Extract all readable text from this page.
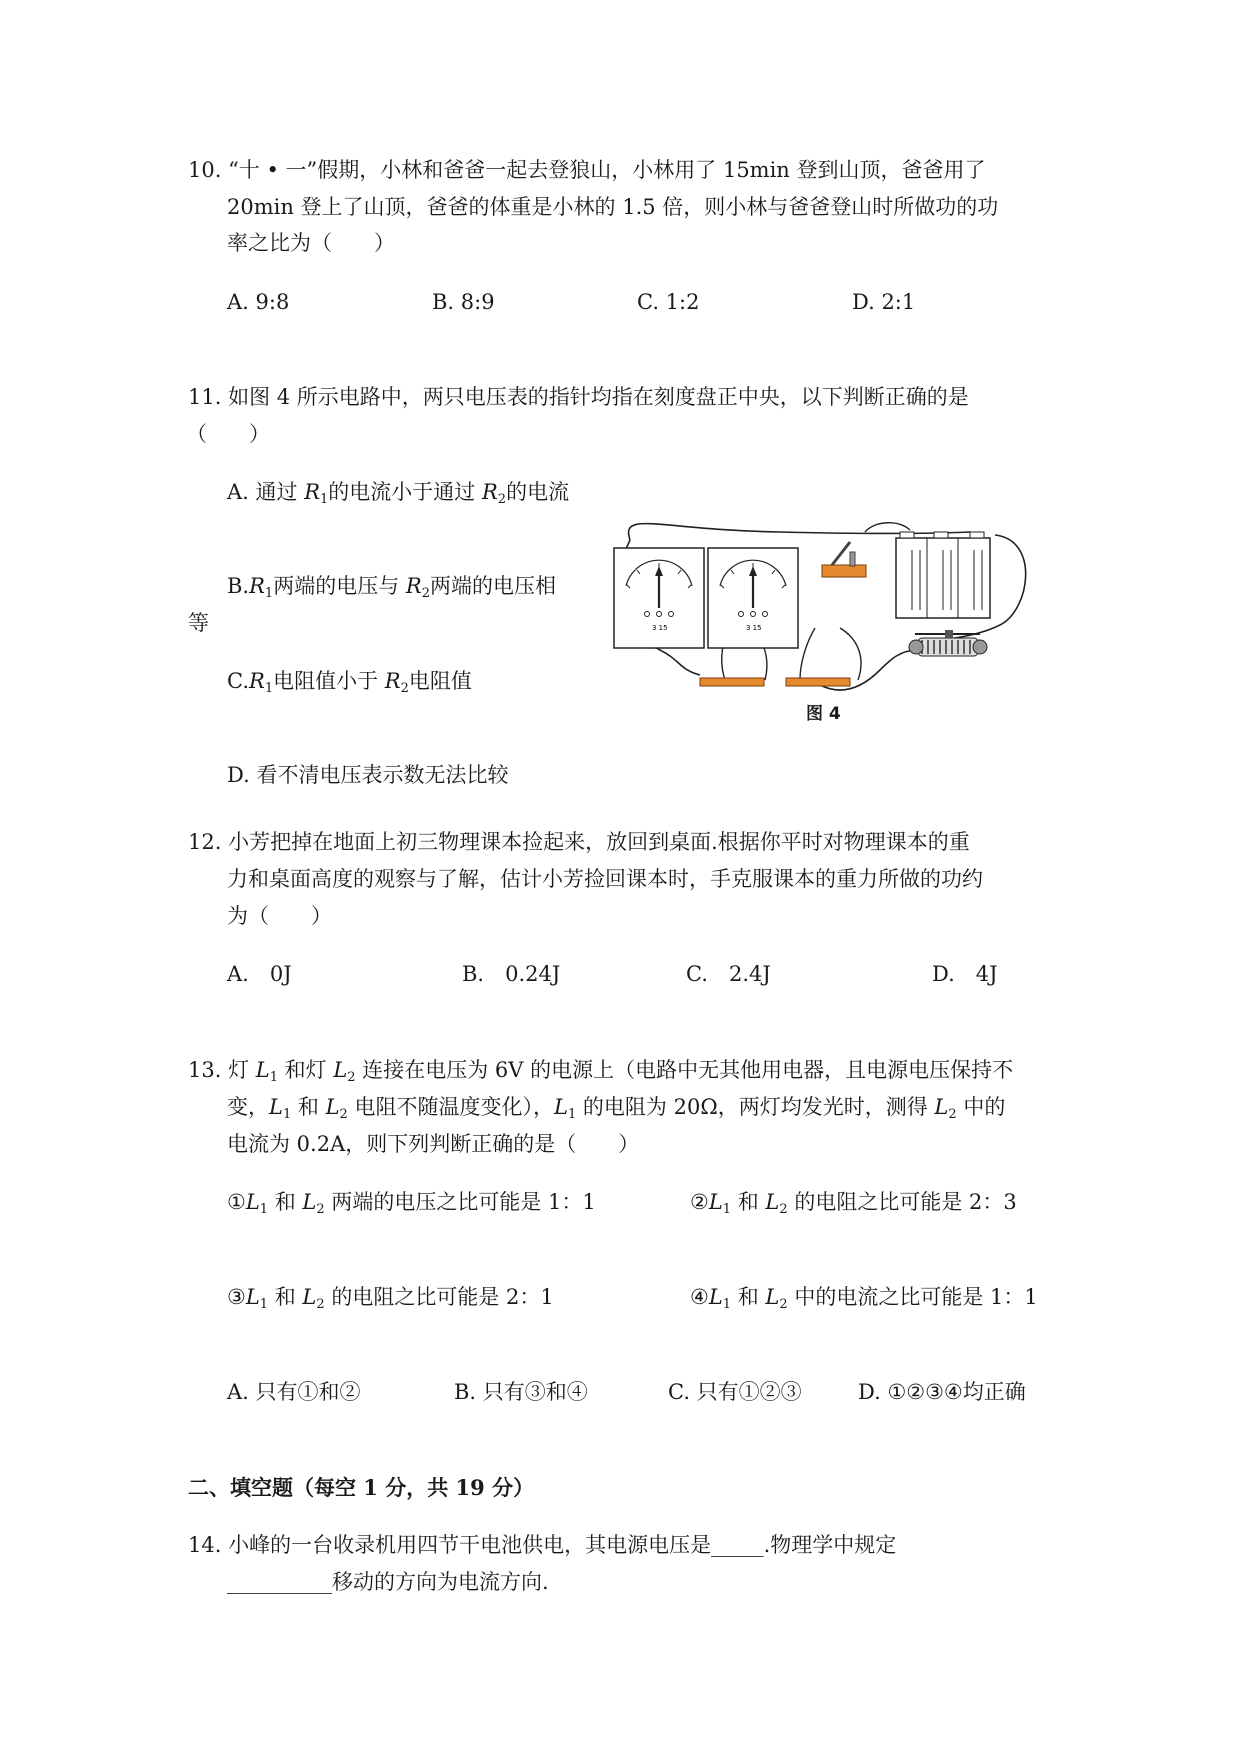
10. “十 • 一”假期，小林和爸爸一起去登狼山，小林用了 15min 登到山顶，爸爸用了
20min 登上了山顶，爸爸的体重是小林的 1.5 倍，则小林与爸爸登山时所做功的功
率之比为（　　）
A. 9:8	B. 8:9	C. 1:2	D. 2:1
11. 如图 4 所示电路中，两只电压表的指针均指在刻度盘正中央，以下判断正确的是
（　　）
A. 通过 $R_1$的电流小于通过 $R_2$的电流
$B.R_1$两端的电压与 $R_2$两端的电压相
等
$C.R_1$电阻值小于 $R_2$电阻值
D. 看不清电压表示数无法比较
3 15	3 15
图 4
12. 小芳把掉在地面上初三物理课本捡起来，放回到桌面.根据你平时对物理课本的重
力和桌面高度的观察与了解，估计小芳捡回课本时，手克服课本的重力所做的功约
为（　　）
A.　0J	B.　0.24J	C.　2.4J	D.　4J
13. 灯 $L_1$ 和灯 $L_2$ 连接在电压为 6V 的电源上（电路中无其他用电器，且电源电压保持不
变，$L_1$ 和 $L_2$ 电阻不随温度变化），$L_1$ 的电阻为 20Ω，两灯均发光时，测得 $L_2$ 中的
电流为 0.2A，则下列判断正确的是（　　）
$①L_1$ 和 $L_2$ 两端的电压之比可能是 1：1	$②L_1$ 和 $L_2$ 的电阻之比可能是 2：3
$③L_1$ 和 $L_2$ 的电阻之比可能是 2：1	$④L_1$ 和 $L_2$ 中的电流之比可能是 1：1
A. 只有①和②	B. 只有③和④	C. 只有①②③	D. ①②③④均正确
二、填空题（每空 1 分，共 19 分）
14. 小峰的一台收录机用四节干电池供电，其电源电压是_____.物理学中规定
__________移动的方向为电流方向.
